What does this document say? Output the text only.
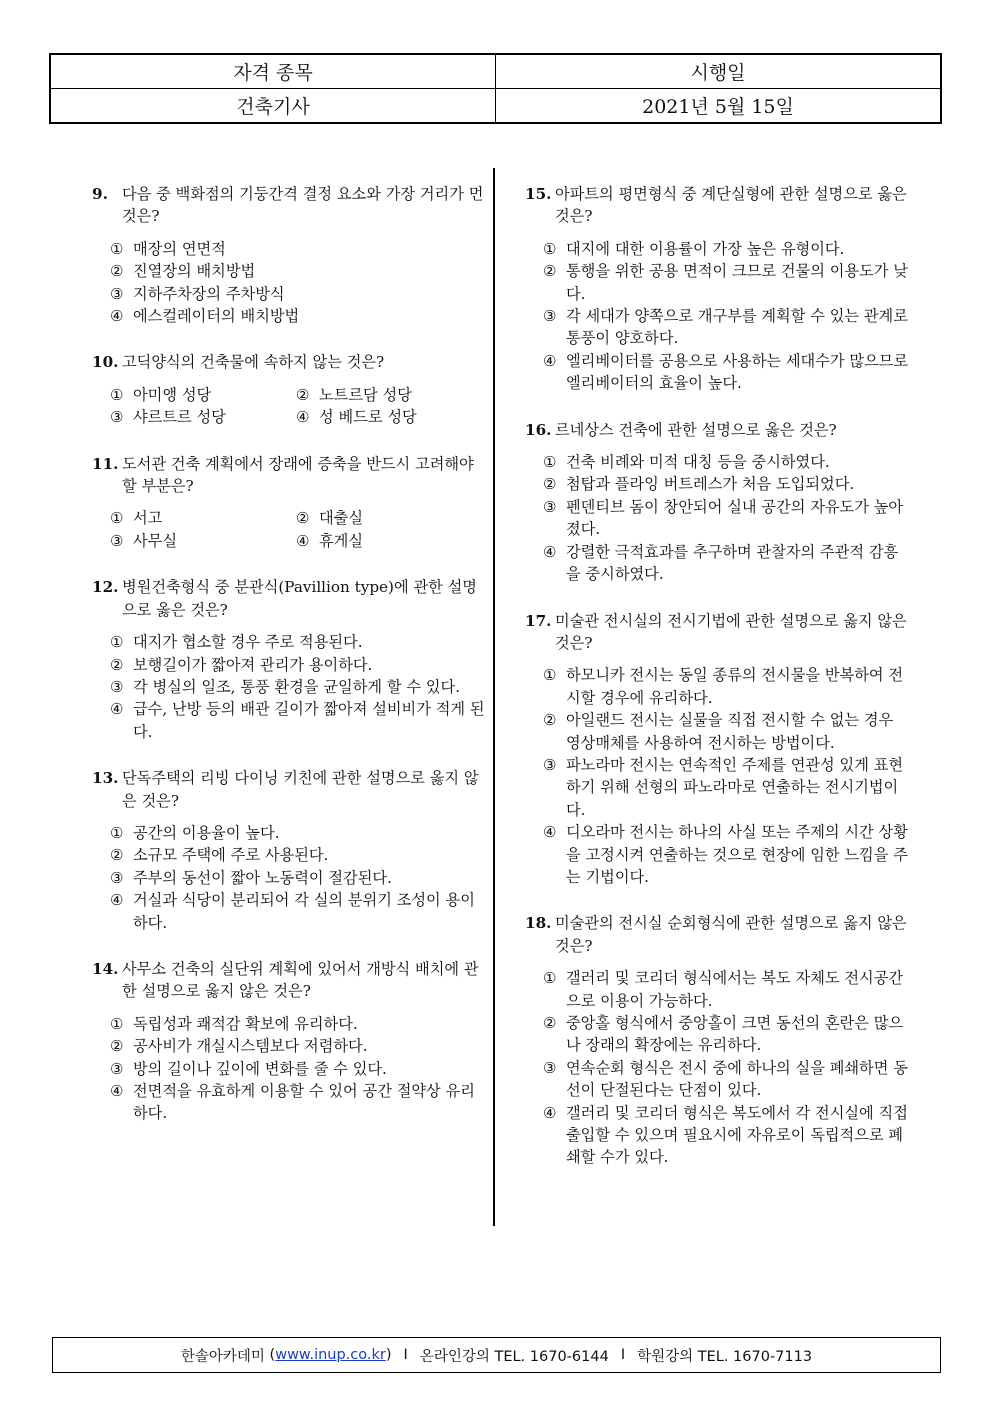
자격 종목	시행일
건축기사	2021년 5월 15일
9. 다음 중 백화점의 기둥간격 결정 요소와 가장 거리가 먼 것은?
① 매장의 연면적
② 진열장의 배치방법
③ 지하주차장의 주차방식
④ 에스컬레이터의 배치방법
10. 고딕양식의 건축물에 속하지 않는 것은?
① 아미앵 성당	② 노트르담 성당
③ 샤르트르 성당	④ 성 베드로 성당
11. 도서관 건축 계획에서 장래에 증축을 반드시 고려해야 할 부분은?
① 서고	② 대출실
③ 사무실	④ 휴게실
12. 병원건축형식 중 분관식(Pavillion type)에 관한 설명으로 옳은 것은?
① 대지가 협소할 경우 주로 적용된다.
② 보행길이가 짧아져 관리가 용이하다.
③ 각 병실의 일조, 통풍 환경을 균일하게 할 수 있다.
④ 급수, 난방 등의 배관 길이가 짧아져 설비비가 적게 된다.
13. 단독주택의 리빙 다이닝 키친에 관한 설명으로 옳지 않은 것은?
① 공간의 이용율이 높다.
② 소규모 주택에 주로 사용된다.
③ 주부의 동선이 짧아 노동력이 절감된다.
④ 거실과 식당이 분리되어 각 실의 분위기 조성이 용이하다.
14. 사무소 건축의 실단위 계획에 있어서 개방식 배치에 관한 설명으로 옳지 않은 것은?
① 독립성과 쾌적감 확보에 유리하다.
② 공사비가 개실시스템보다 저렴하다.
③ 방의 길이나 깊이에 변화를 줄 수 있다.
④ 전면적을 유효하게 이용할 수 있어 공간 절약상 유리하다.
15. 아파트의 평면형식 중 계단실형에 관한 설명으로 옳은 것은?
① 대지에 대한 이용률이 가장 높은 유형이다.
② 통행을 위한 공용 면적이 크므로 건물의 이용도가 낮다.
③ 각 세대가 양쪽으로 개구부를 계획할 수 있는 관계로 통풍이 양호하다.
④ 엘리베이터를 공용으로 사용하는 세대수가 많으므로 엘리베이터의 효율이 높다.
16. 르네상스 건축에 관한 설명으로 옳은 것은?
① 건축 비례와 미적 대칭 등을 중시하였다.
② 첨탑과 플라잉 버트레스가 처음 도입되었다.
③ 펜덴티브 돔이 창안되어 실내 공간의 자유도가 높아졌다.
④ 강렬한 극적효과를 추구하며 관찰자의 주관적 감흥을 중시하였다.
17. 미술관 전시실의 전시기법에 관한 설명으로 옳지 않은 것은?
① 하모니카 전시는 동일 종류의 전시물을 반복하여 전시할 경우에 유리하다.
② 아일랜드 전시는 실물을 직접 전시할 수 없는 경우 영상매체를 사용하여 전시하는 방법이다.
③ 파노라마 전시는 연속적인 주제를 연관성 있게 표현하기 위해 선형의 파노라마로 연출하는 전시기법이다.
④ 디오라마 전시는 하나의 사실 또는 주제의 시간 상황을 고정시켜 연출하는 것으로 현장에 임한 느낌을 주는 기법이다.
18. 미술관의 전시실 순회형식에 관한 설명으로 옳지 않은 것은?
① 갤러리 및 코리더 형식에서는 복도 자체도 전시공간으로 이용이 가능하다.
② 중앙홀 형식에서 중앙홀이 크면 동선의 혼란은 많으나 장래의 확장에는 유리하다.
③ 연속순회 형식은 전시 중에 하나의 실을 폐쇄하면 동선이 단절된다는 단점이 있다.
④ 갤러리 및 코리더 형식은 복도에서 각 전시실에 직접 출입할 수 있으며 필요시에 자유로이 독립적으로 폐쇄할 수가 있다.
한솔아카데미 ( www.inup.co.kr ) I 온라인강의 TEL. 1670-6144 I 학원강의 TEL. 1670-7113
